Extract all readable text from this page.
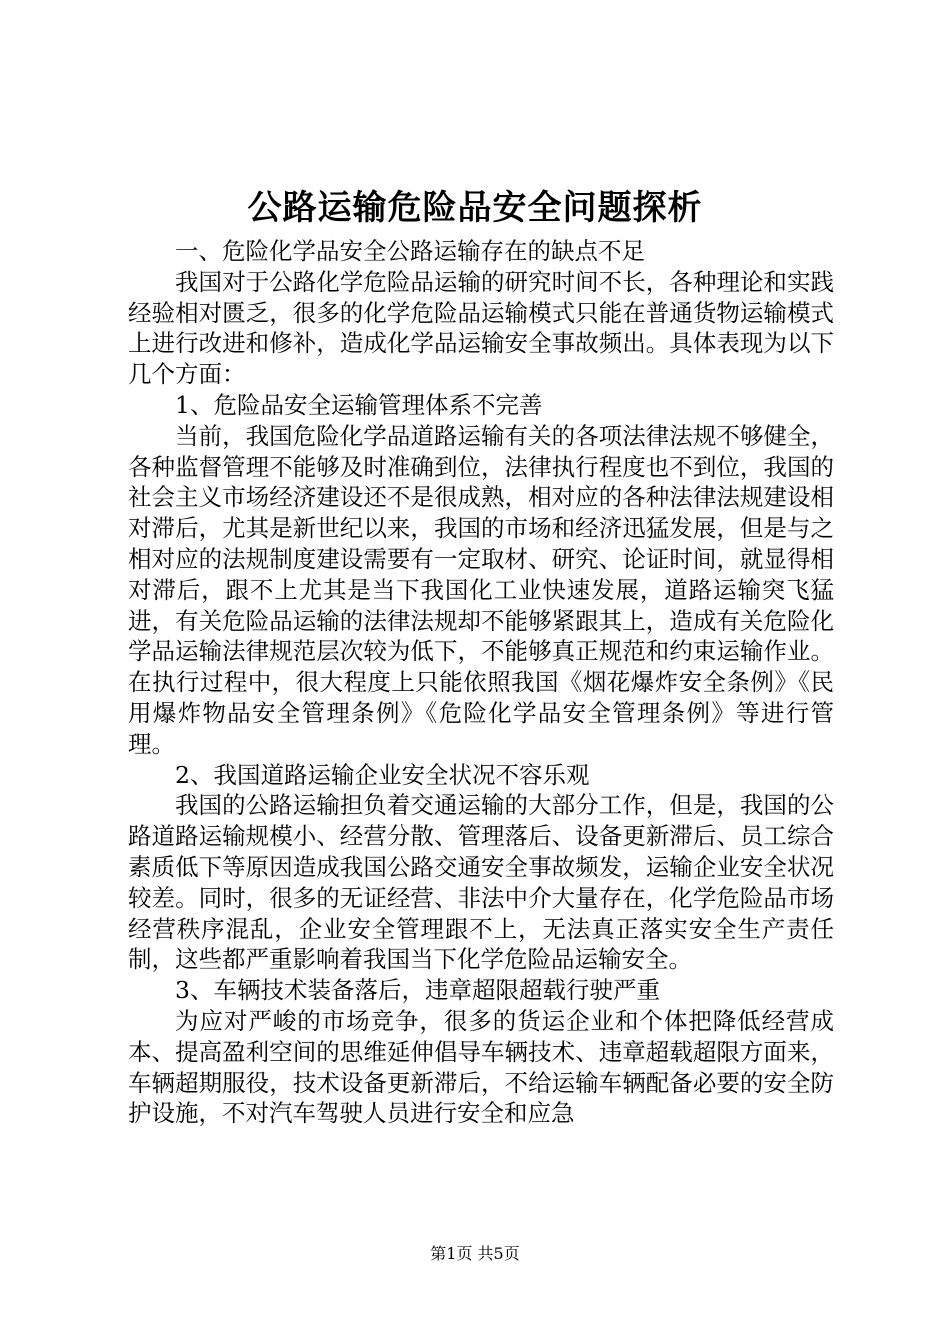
公路运输危险品安全问题探析

一、危险化学品安全公路运输存在的缺点不足

我国对于公路化学危险品运输的研究时间不长，各种理论和实践经验相对匮乏，很多的化学危险品运输模式只能在普通货物运输模式上进行改进和修补，造成化学品运输安全事故频出。具体表现为以下几个方面：

1、危险品安全运输管理体系不完善

当前，我国危险化学品道路运输有关的各项法律法规不够健全，各种监督管理不能够及时准确到位，法律执行程度也不到位，我国的社会主义市场经济建设还不是很成熟，相对应的各种法律法规建设相对滞后，尤其是新世纪以来，我国的市场和经济迅猛发展，但是与之相对应的法规制度建设需要有一定取材、研究、论证时间，就显得相对滞后，跟不上尤其是当下我国化工业快速发展，道路运输突飞猛进，有关危险品运输的法律法规却不能够紧跟其上，造成有关危险化学品运输法律规范层次较为低下，不能够真正规范和约束运输作业。在执行过程中，很大程度上只能依照我国《烟花爆炸安全条例》《民用爆炸物品安全管理条例》《危险化学品安全管理条例》等进行管理。

2、我国道路运输企业安全状况不容乐观

我国的公路运输担负着交通运输的大部分工作，但是，我国的公路道路运输规模小、经营分散、管理落后、设备更新滞后、员工综合素质低下等原因造成我国公路交通安全事故频发，运输企业安全状况较差。同时，很多的无证经营、非法中介大量存在，化学危险品市场经营秩序混乱，企业安全管理跟不上，无法真正落实安全生产责任制，这些都严重影响着我国当下化学危险品运输安全。

3、车辆技术装备落后，违章超限超载行驶严重

为应对严峻的市场竞争，很多的货运企业和个体把降低经营成本、提高盈利空间的思维延伸倡导车辆技术、违章超载超限方面来，车辆超期服役，技术设备更新滞后，不给运输车辆配备必要的安全防护设施，不对汽车驾驶人员进行安全和应急

第1页 共5页
